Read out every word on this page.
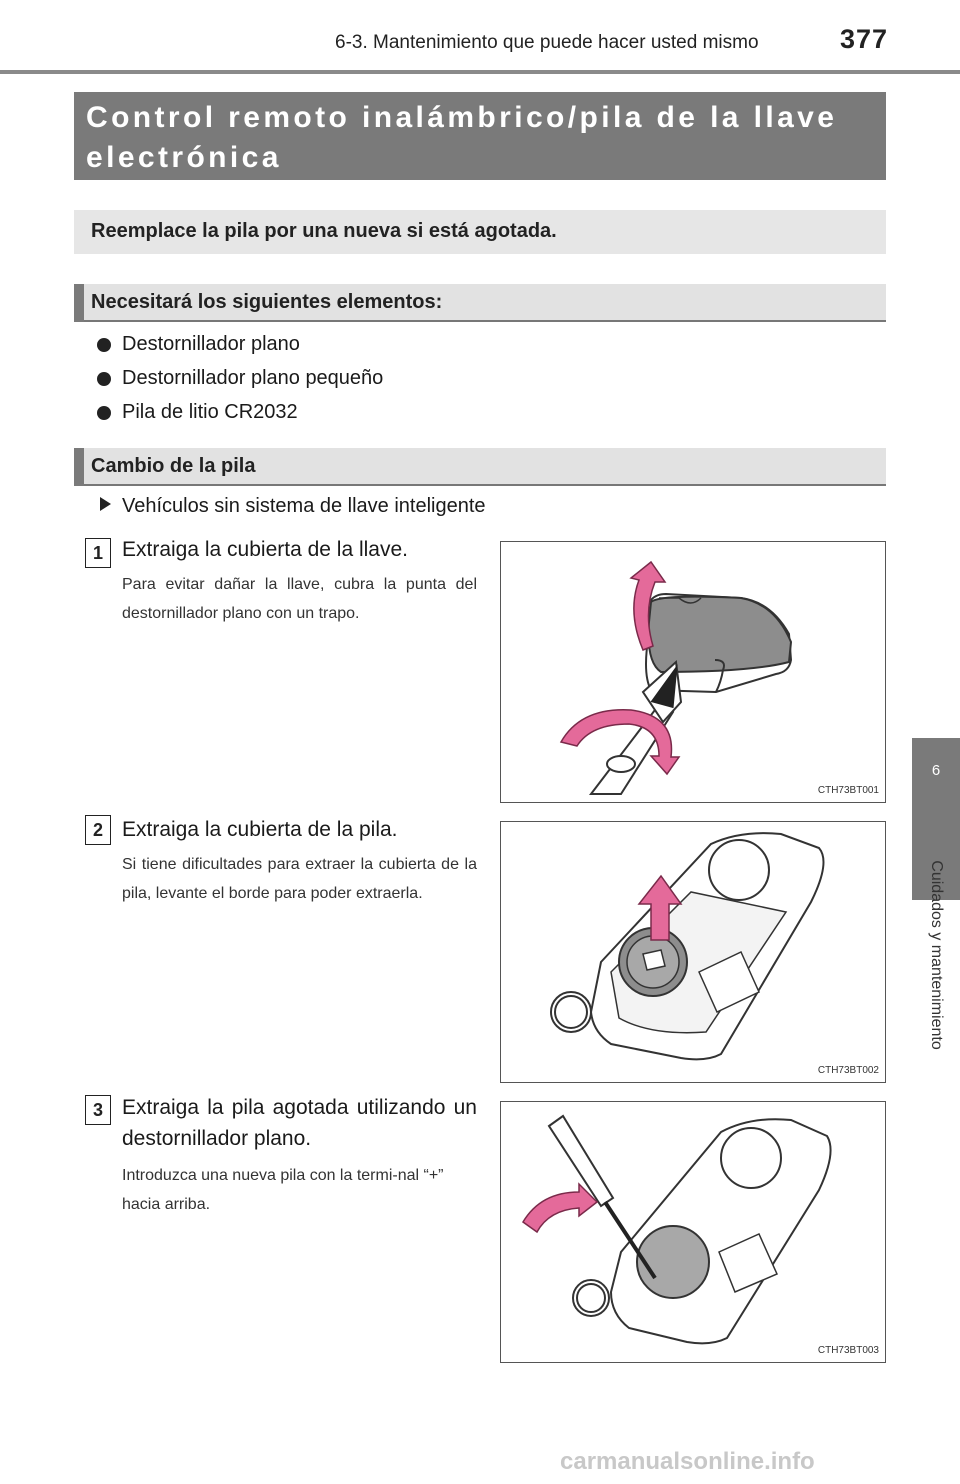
6-3. Mantenimiento que puede hacer usted mismo	377
Control remoto inalámbrico/pila de la llave electrónica
Reemplace la pila por una nueva si está agotada.
Necesitará los siguientes elementos:
Destornillador plano
Destornillador plano pequeño
Pila de litio CR2032
Cambio de la pila
Vehículos sin sistema de llave inteligente
1 Extraiga la cubierta de la llave.
Para evitar dañar la llave, cubra la punta del destornillador plano con un trapo.
CTH73BT001
2 Extraiga la cubierta de la pila.
Si tiene dificultades para extraer la cubierta de la pila, levante el borde para poder extraerla.
CTH73BT002
3 Extraiga la pila agotada utilizando un destornillador plano.
Introduzca una nueva pila con la termi-nal “+” hacia arriba.
CTH73BT003
6
Cuidados y mantenimiento
carmanualsonline.info
